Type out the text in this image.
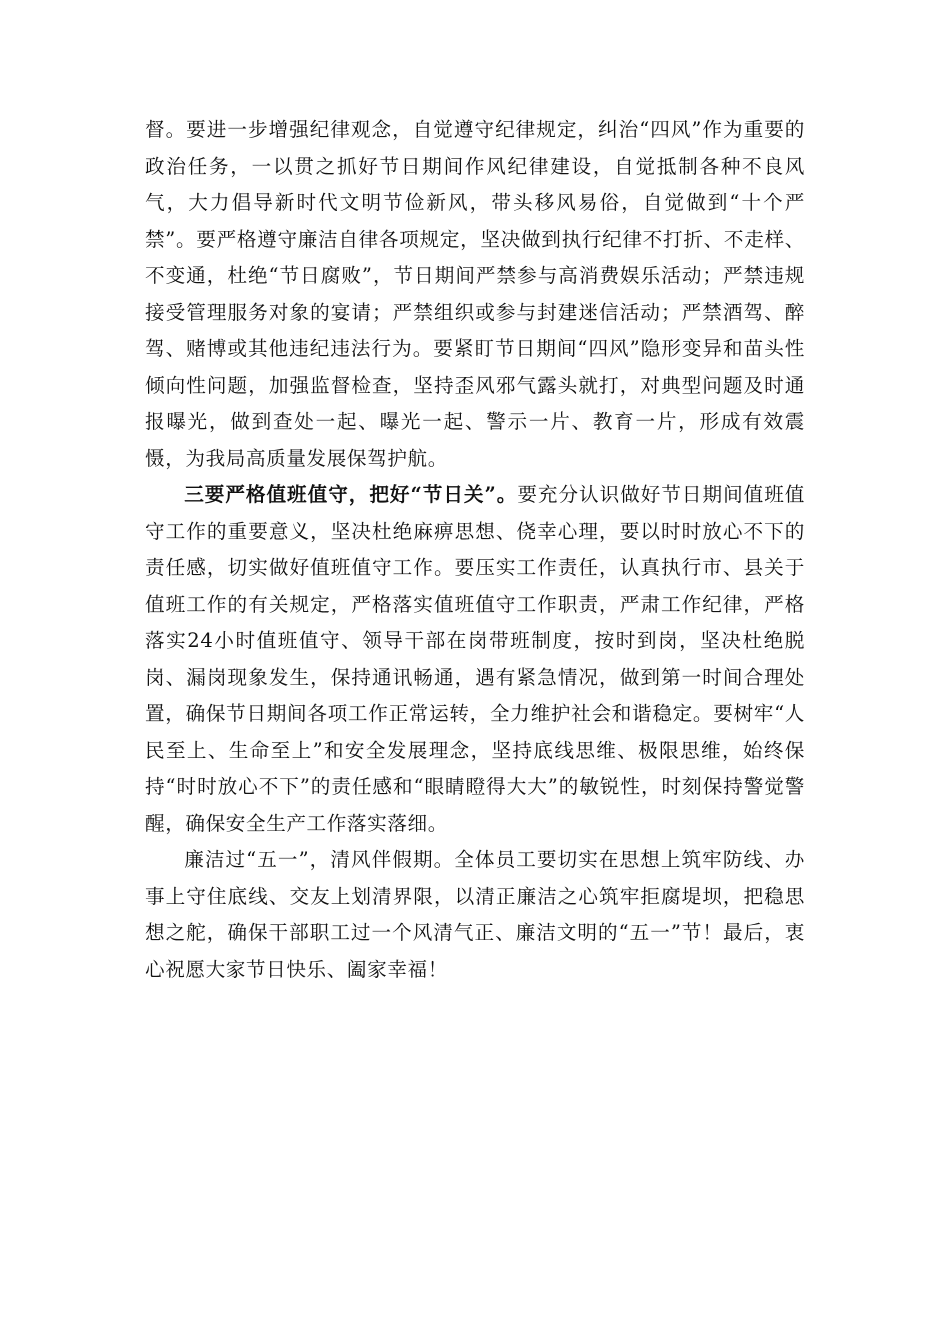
督。要进一步增强纪律观念，自觉遵守纪律规定，纠治“四风”作为重要的政治任务，一以贯之抓好节日期间作风纪律建设，自觉抵制各种不良风气，大力倡导新时代文明节俭新风，带头移风易俗，自觉做到“十个严禁”。要严格遵守廉洁自律各项规定，坚决做到执行纪律不打折、不走样、不变通，杜绝“节日腐败”，节日期间严禁参与高消费娱乐活动；严禁违规接受管理服务对象的宴请；严禁组织或参与封建迷信活动；严禁酒驾、醉驾、赌博或其他违纪违法行为。要紧盯节日期间“四风”隐形变异和苗头性倾向性问题，加强监督检查，坚持歪风邪气露头就打，对典型问题及时通报曝光，做到查处一起、曝光一起、警示一片、教育一片，形成有效震慑，为我局高质量发展保驾护航。

三要严格值班值守，把好“节日关”。要充分认识做好节日期间值班值守工作的重要意义，坚决杜绝麻痹思想、侥幸心理，要以时时放心不下的责任感，切实做好值班值守工作。要压实工作责任，认真执行市、县关于值班工作的有关规定，严格落实值班值守工作职责，严肃工作纪律，严格落实24小时值班值守、领导干部在岗带班制度，按时到岗，坚决杜绝脱岗、漏岗现象发生，保持通讯畅通，遇有紧急情况，做到第一时间合理处置，确保节日期间各项工作正常运转，全力维护社会和谐稳定。要树牢“人民至上、生命至上”和安全发展理念，坚持底线思维、极限思维，始终保持“时时放心不下”的责任感和“眼睛瞪得大大”的敏锐性，时刻保持警觉警醒，确保安全生产工作落实落细。

廉洁过“五一”，清风伴假期。全体员工要切实在思想上筑牢防线、办事上守住底线、交友上划清界限，以清正廉洁之心筑牢拒腐堤坝，把稳思想之舵，确保干部职工过一个风清气正、廉洁文明的“五一”节！最后，衷心祝愿大家节日快乐、阖家幸福！
